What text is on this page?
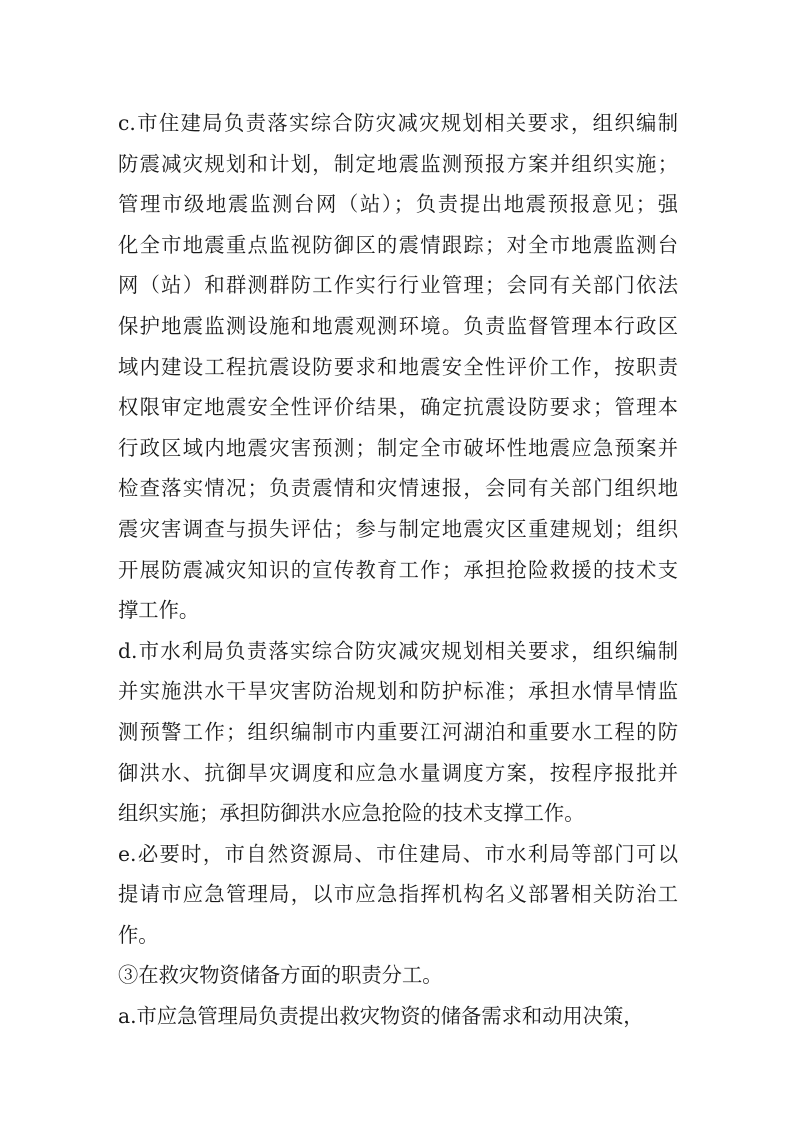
c.市住建局负责落实综合防灾减灾规划相关要求，组织编制
防震减灾规划和计划，制定地震监测预报方案并组织实施；
管理市级地震监测台网（站）；负责提出地震预报意见；强
化全市地震重点监视防御区的震情跟踪；对全市地震监测台
网（站）和群测群防工作实行行业管理；会同有关部门依法
保护地震监测设施和地震观测环境。负责监督管理本行政区
域内建设工程抗震设防要求和地震安全性评价工作，按职责
权限审定地震安全性评价结果，确定抗震设防要求；管理本
行政区域内地震灾害预测；制定全市破坏性地震应急预案并
检查落实情况；负责震情和灾情速报，会同有关部门组织地
震灾害调查与损失评估；参与制定地震灾区重建规划；组织
开展防震减灾知识的宣传教育工作；承担抢险救援的技术支
撑工作。
d.市水利局负责落实综合防灾减灾规划相关要求，组织编制
并实施洪水干旱灾害防治规划和防护标准；承担水情旱情监
测预警工作；组织编制市内重要江河湖泊和重要水工程的防
御洪水、抗御旱灾调度和应急水量调度方案，按程序报批并
组织实施；承担防御洪水应急抢险的技术支撑工作。
e.必要时，市自然资源局、市住建局、市水利局等部门可以
提请市应急管理局，以市应急指挥机构名义部署相关防治工
作。
③在救灾物资储备方面的职责分工。
a.市应急管理局负责提出救灾物资的储备需求和动用决策，
